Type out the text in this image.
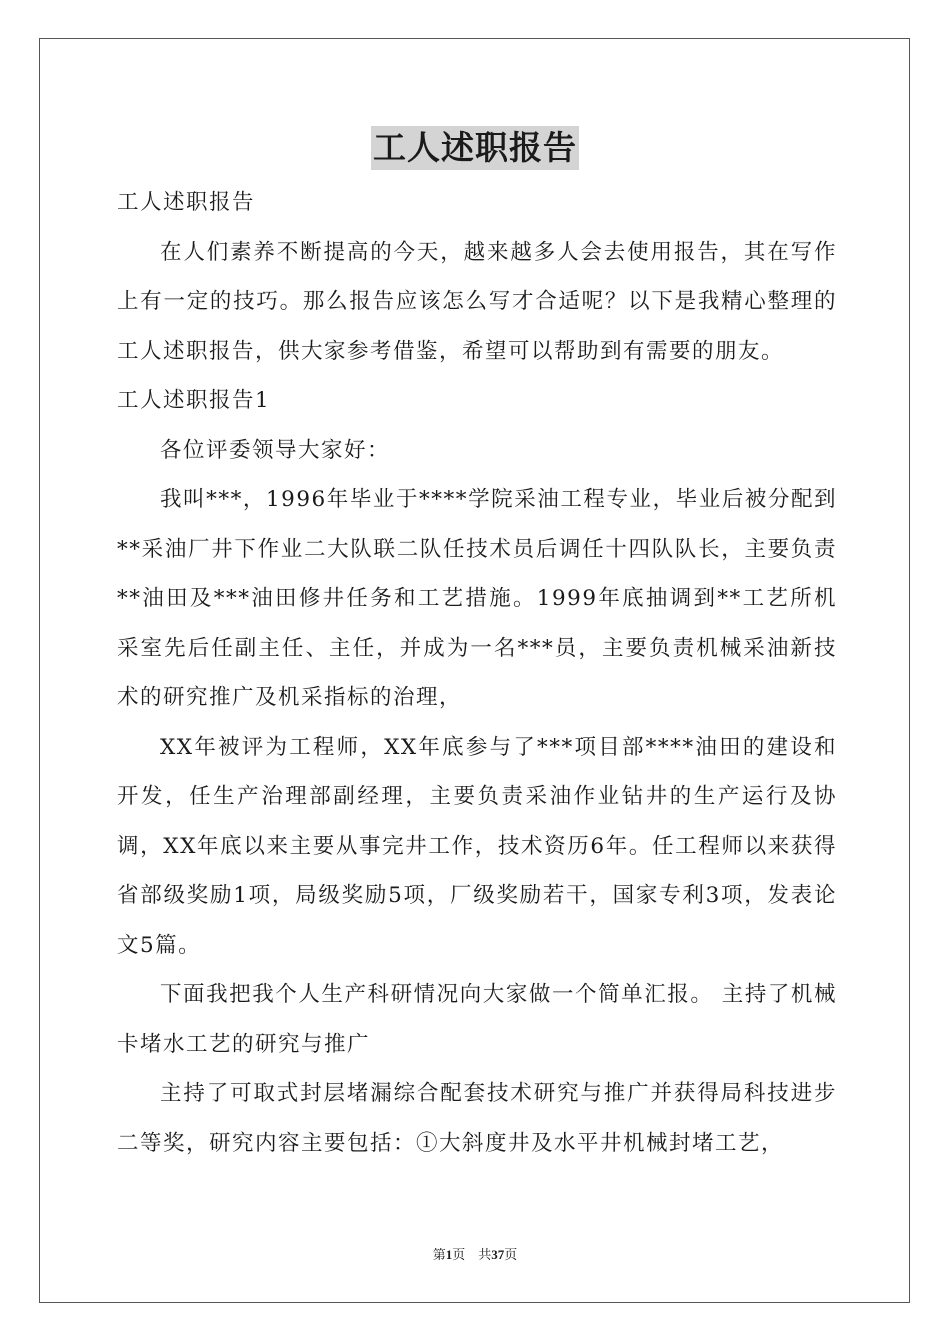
工人述职报告

工人述职报告

在人们素养不断提高的今天，越来越多人会去使用报告，其在写作上有一定的技巧。那么报告应该怎么写才合适呢？以下是我精心整理的工人述职报告，供大家参考借鉴，希望可以帮助到有需要的朋友。

工人述职报告1

各位评委领导大家好：

我叫***，1996年毕业于****学院采油工程专业，毕业后被分配到**采油厂井下作业二大队联二队任技术员后调任十四队队长，主要负责**油田及***油田修井任务和工艺措施。1999年底抽调到**工艺所机采室先后任副主任、主任，并成为一名***员，主要负责机械采油新技术的研究推广及机采指标的治理，

XX年被评为工程师，XX年底参与了***项目部****油田的建设和开发，任生产治理部副经理，主要负责采油作业钻井的生产运行及协调，XX年底以来主要从事完井工作，技术资历6年。任工程师以来获得省部级奖励1项，局级奖励5项，厂级奖励若干，国家专利3项，发表论文5篇。

下面我把我个人生产科研情况向大家做一个简单汇报。 主持了机械卡堵水工艺的研究与推广

主持了可取式封层堵漏综合配套技术研究与推广并获得局科技进步二等奖，研究内容主要包括：①大斜度井及水平井机械封堵工艺，

第1页 共37页
